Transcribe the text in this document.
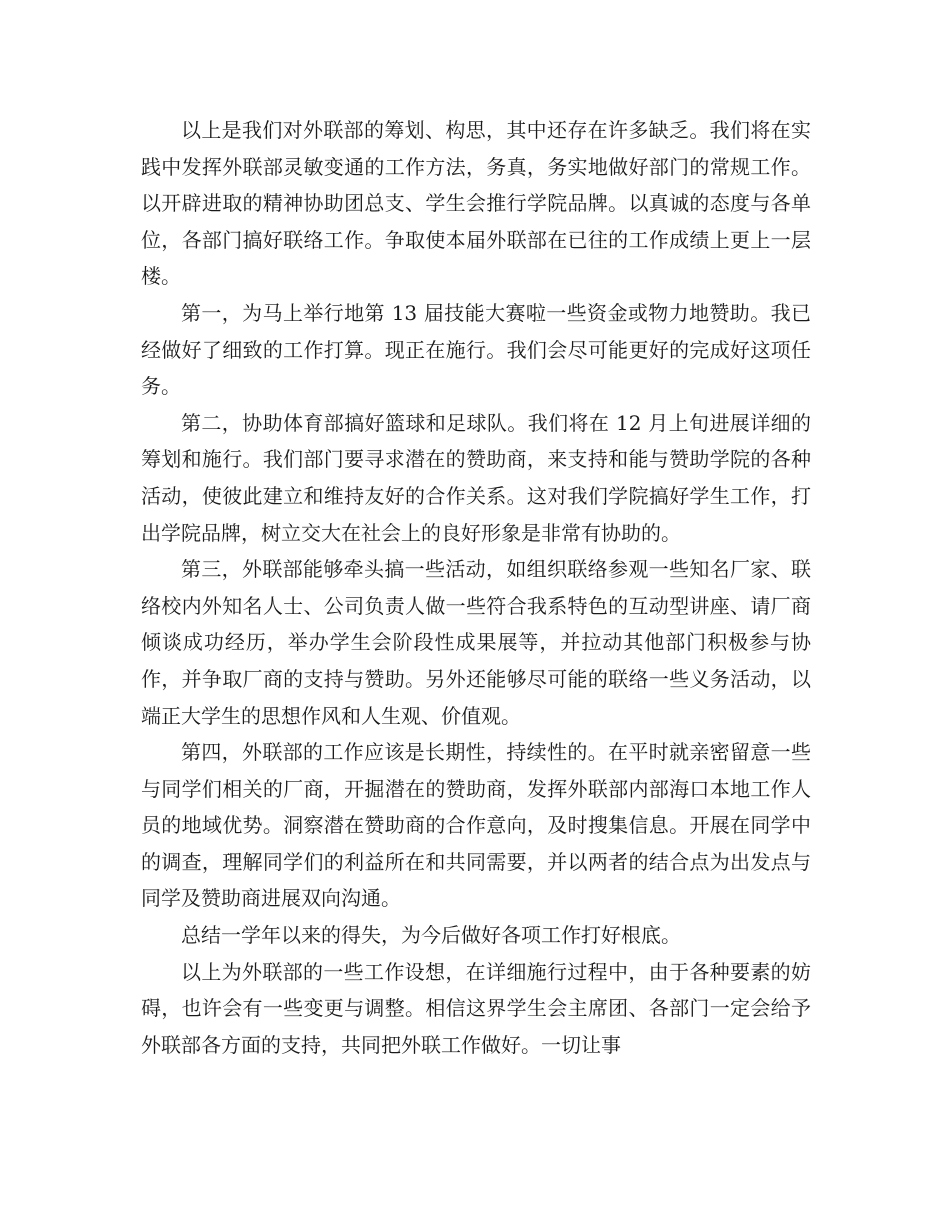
以上是我们对外联部的筹划、构思，其中还存在许多缺乏。我们将在实践中发挥外联部灵敏变通的工作方法，务真，务实地做好部门的常规工作。以开辟进取的精神协助团总支、学生会推行学院品牌。以真诚的态度与各单位，各部门搞好联络工作。争取使本届外联部在已往的工作成绩上更上一层楼。

第一，为马上举行地第 13 届技能大赛啦一些资金或物力地赞助。我已经做好了细致的工作打算。现正在施行。我们会尽可能更好的完成好这项任务。

第二，协助体育部搞好篮球和足球队。我们将在 12 月上旬进展详细的筹划和施行。我们部门要寻求潜在的赞助商，来支持和能与赞助学院的各种活动，使彼此建立和维持友好的合作关系。这对我们学院搞好学生工作，打出学院品牌，树立交大在社会上的良好形象是非常有协助的。

第三，外联部能够牵头搞一些活动，如组织联络参观一些知名厂家、联络校内外知名人士、公司负责人做一些符合我系特色的互动型讲座、请厂商倾谈成功经历，举办学生会阶段性成果展等，并拉动其他部门积极参与协作，并争取厂商的支持与赞助。另外还能够尽可能的联络一些义务活动，以端正大学生的思想作风和人生观、价值观。

第四，外联部的工作应该是长期性，持续性的。在平时就亲密留意一些与同学们相关的厂商，开掘潜在的赞助商，发挥外联部内部海口本地工作人员的地域优势。洞察潜在赞助商的合作意向，及时搜集信息。开展在同学中的调查，理解同学们的利益所在和共同需要，并以两者的结合点为出发点与同学及赞助商进展双向沟通。

总结一学年以来的得失，为今后做好各项工作打好根底。

以上为外联部的一些工作设想，在详细施行过程中，由于各种要素的妨碍，也许会有一些变更与调整。相信这界学生会主席团、各部门一定会给予外联部各方面的支持，共同把外联工作做好。一切让事
